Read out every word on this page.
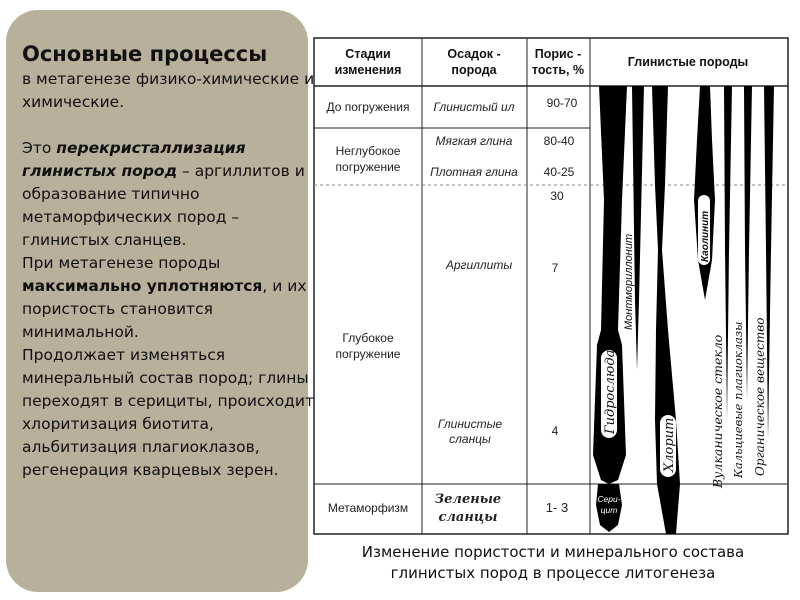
Основные процессы

в метагенезе физико-химические и химические.

Это перекристаллизация глинистых пород – аргиллитов и образование типично метаморфических пород – глинистых сланцев.

При метагенезе породы максимально уплотняются, и их пористость становится минимальной.

Продолжает изменяться минеральный состав пород; глины переходят в серициты, происходит хлоритизация биотита, альбитизация плагиоклазов, регенерация кварцевых зерен.

Стадии
изменения
Осадок -
порода
Порис -
тость, %
Глинистые породы
До погружения
Неглубокое
погружение
Глубокое
погружение
Метаморфизм
Глинистый ил
Мягкая глина
Плотная глина
Аргиллиты
Глинистые
сланцы
Зеленые
сланцы
90-70
80-40
40-25
30
7
4
1- 3
Монтмориллонит	Каолинит
Гидрослюда
Хлорит	Вулканическое стекло Кальциевые плагиоклазы Органическое вещество
Сери-
цит
Изменение пористости и минерального состава
глинистых пород в процессе литогенеза
